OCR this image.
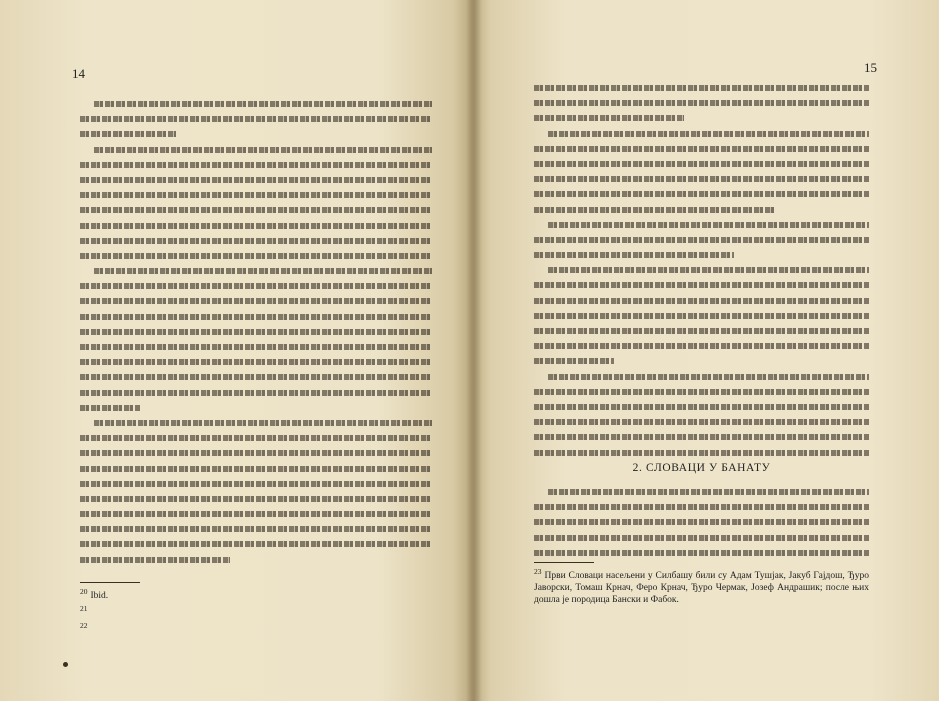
14
$^{20}$ Ibid.
$^{21}$
$^{22}$
15
2. СЛОВАЦИ У БАНАТУ
$^{23}$ Први Словаци насељени у Силбашу били су Адам Тушјак, Јакуб Гајдош, Ђуро Јаворски, Томаш Крнач, Феро Крнач, Ђуро Чермак, Јозеф Андрашик; после њих дошла је породица Бански и Фабок.
